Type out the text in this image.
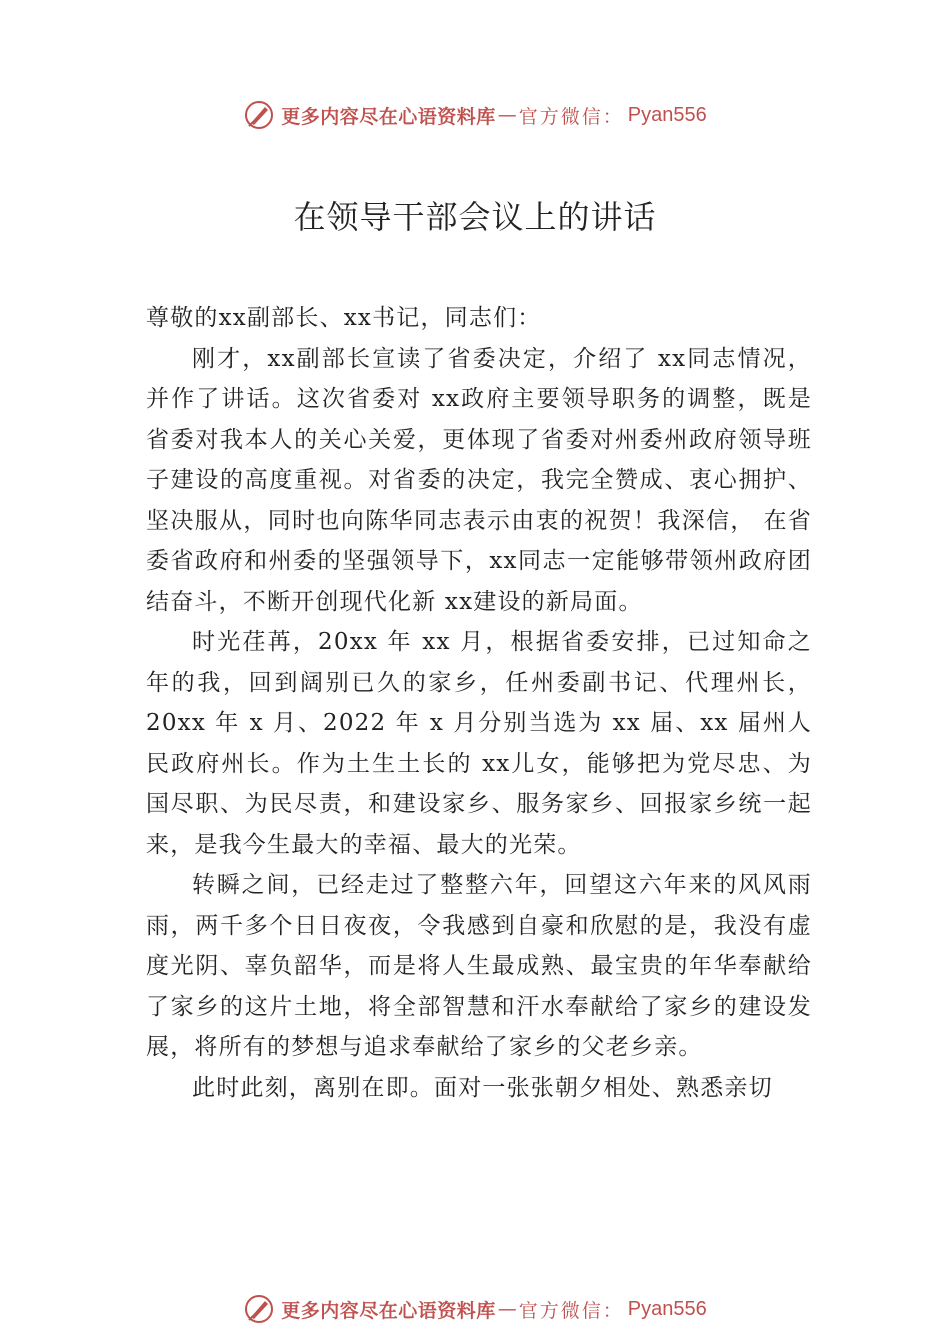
更多内容尽在心语资料库 — 官方微信： Pyan556
在领导干部会议上的讲话

尊敬的xx副部长、xx书记，同志们：

刚才，xx副部长宣读了省委决定，介绍了 xx同志情况，并作了讲话。这次省委对 xx政府主要领导职务的调整，既是省委对我本人的关心关爱，更体现了省委对州委州政府领导班子建设的高度重视。对省委的决定，我完全赞成、衷心拥护、坚决服从，同时也向陈华同志表示由衷的祝贺！我深信， 在省委省政府和州委的坚强领导下，xx同志一定能够带领州政府团结奋斗，不断开创现代化新 xx建设的新局面。

时光荏苒，20xx 年 xx 月，根据省委安排，已过知命之年的我，回到阔别已久的家乡，任州委副书记、代理州长，20xx 年 x 月、2022 年 x 月分别当选为 xx 届、xx 届州人民政府州长。作为土生土长的 xx儿女，能够把为党尽忠、为国尽职、为民尽责，和建设家乡、服务家乡、回报家乡统一起来，是我今生最大的幸福、最大的光荣。

转瞬之间，已经走过了整整六年，回望这六年来的风风雨雨，两千多个日日夜夜，令我感到自豪和欣慰的是，我没有虚度光阴、辜负韶华，而是将人生最成熟、最宝贵的年华奉献给了家乡的这片土地，将全部智慧和汗水奉献给了家乡的建设发展，将所有的梦想与追求奉献给了家乡的父老乡亲。

此时此刻，离别在即。面对一张张朝夕相处、熟悉亲切

更多内容尽在心语资料库 — 官方微信： Pyan556
